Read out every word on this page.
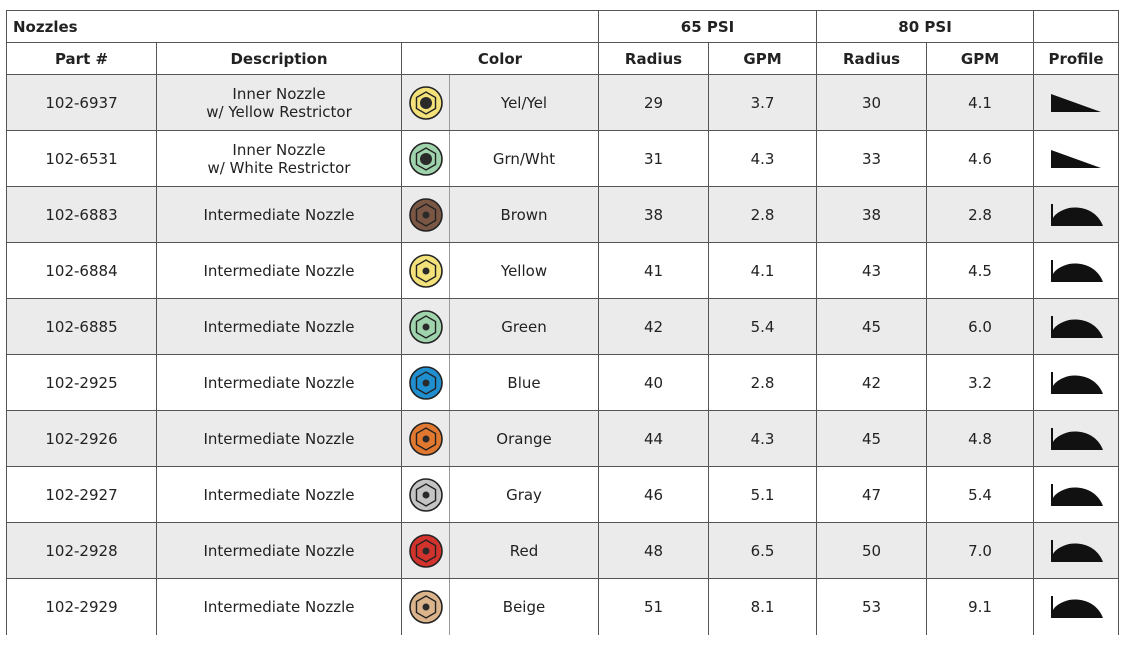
Nozzles				65 PSI		80 PSI		
Part #	Description	Color		Radius	GPM	Radius	GPM	Profile
102-6937	Inner Nozzle
w/ Yellow Restrictor		Yel/Yel	29	3.7	30	4.1	

102-6531	Inner Nozzle
w/ White Restrictor		Grn/Wht	31	4.3	33	4.6	

102-6883	Intermediate Nozzle		Brown	38	2.8	38	2.8	

102-6884	Intermediate Nozzle		Yellow	41	4.1	43	4.5	

102-6885	Intermediate Nozzle		Green	42	5.4	45	6.0	

102-2925	Intermediate Nozzle		Blue	40	2.8	42	3.2	

102-2926	Intermediate Nozzle		Orange	44	4.3	45	4.8	

102-2927	Intermediate Nozzle		Gray	46	5.1	47	5.4	

102-2928	Intermediate Nozzle		Red	48	6.5	50	7.0	

102-2929	Intermediate Nozzle		Beige	51	8.1	53	9.1	
